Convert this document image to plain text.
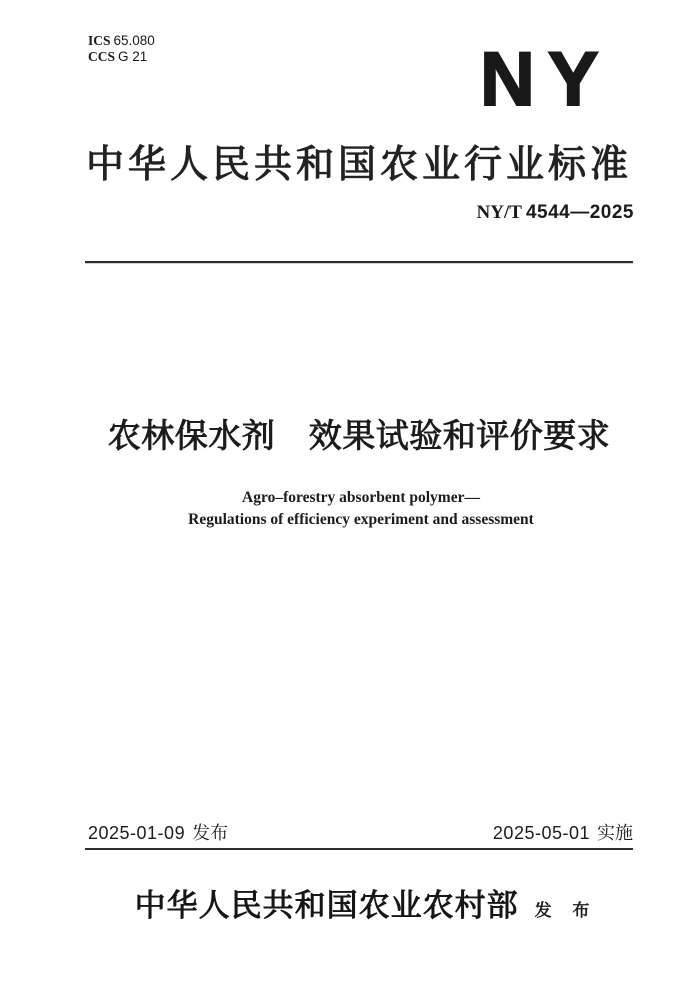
ICS 65.080
CCS G 21	NY
中华人民共和国农业行业标准
NY/T 4544—2025
农林保水剂　效果试验和评价要求
Agro–forestry absorbent polymer—
Regulations of efficiency experiment and assessment
2025-01-09 发布	2025-05-01 实施
中华人民共和国农业农村部 发 布
